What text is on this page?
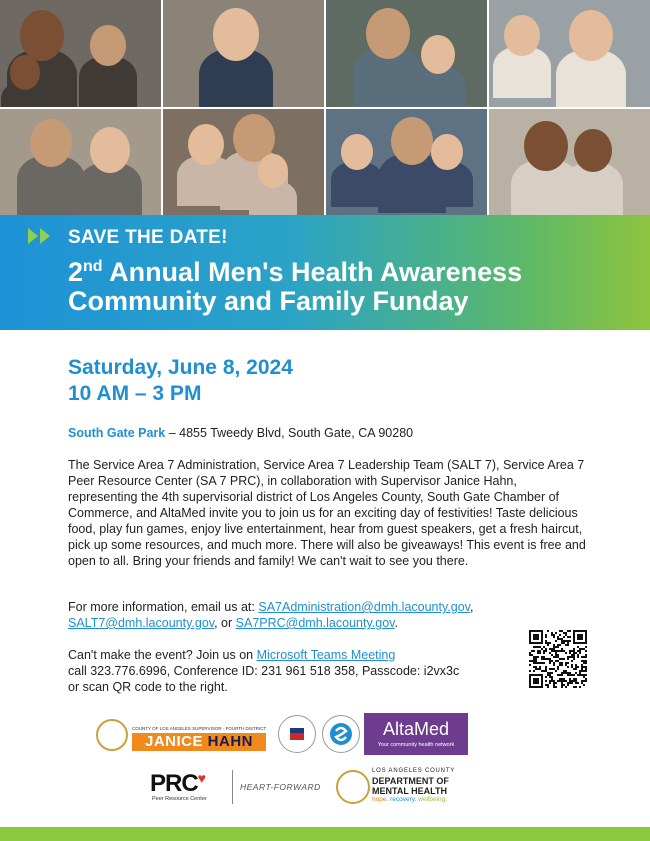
SAVE THE DATE!
2nd Annual Men's Health Awareness
Community and Family Funday
Saturday, June 8, 2024
10 AM – 3 PM
South Gate Park – 4855 Tweedy Blvd, South Gate, CA 90280
The Service Area 7 Administration, Service Area 7 Leadership Team (SALT 7), Service Area 7 Peer Resource Center (SA 7 PRC), in collaboration with Supervisor Janice Hahn, representing the 4th supervisorial district of Los Angeles County, South Gate Chamber of Commerce, and AltaMed invite you to join us for an exciting day of festivities! Taste delicious food, play fun games, enjoy live entertainment, hear from guest speakers, get a fresh haircut, pick up some resources, and much more. There will also be giveaways! This event is free and open to all. Bring your friends and family! We can't wait to see you there.
For more information, email us at: SA7Administration@dmh.lacounty.gov,
SALT7@dmh.lacounty.gov, or SA7PRC@dmh.lacounty.gov.
Can't make the event? Join us on Microsoft Teams Meeting
call 323.776.6996, Conference ID: 231 961 518 358, Passcode: i2vx3c
or scan QR code to the right.
COUNTY OF LOS ANGELES SUPERVISOR · FOURTH DISTRICT
JANICE HAHN
AltaMed
Your community health network
PRC♥
Peer Resource Center
HEART-FORWARD
LOS ANGELES COUNTY
DEPARTMENT OF
MENTAL HEALTH
hope. recovery. wellbeing.
